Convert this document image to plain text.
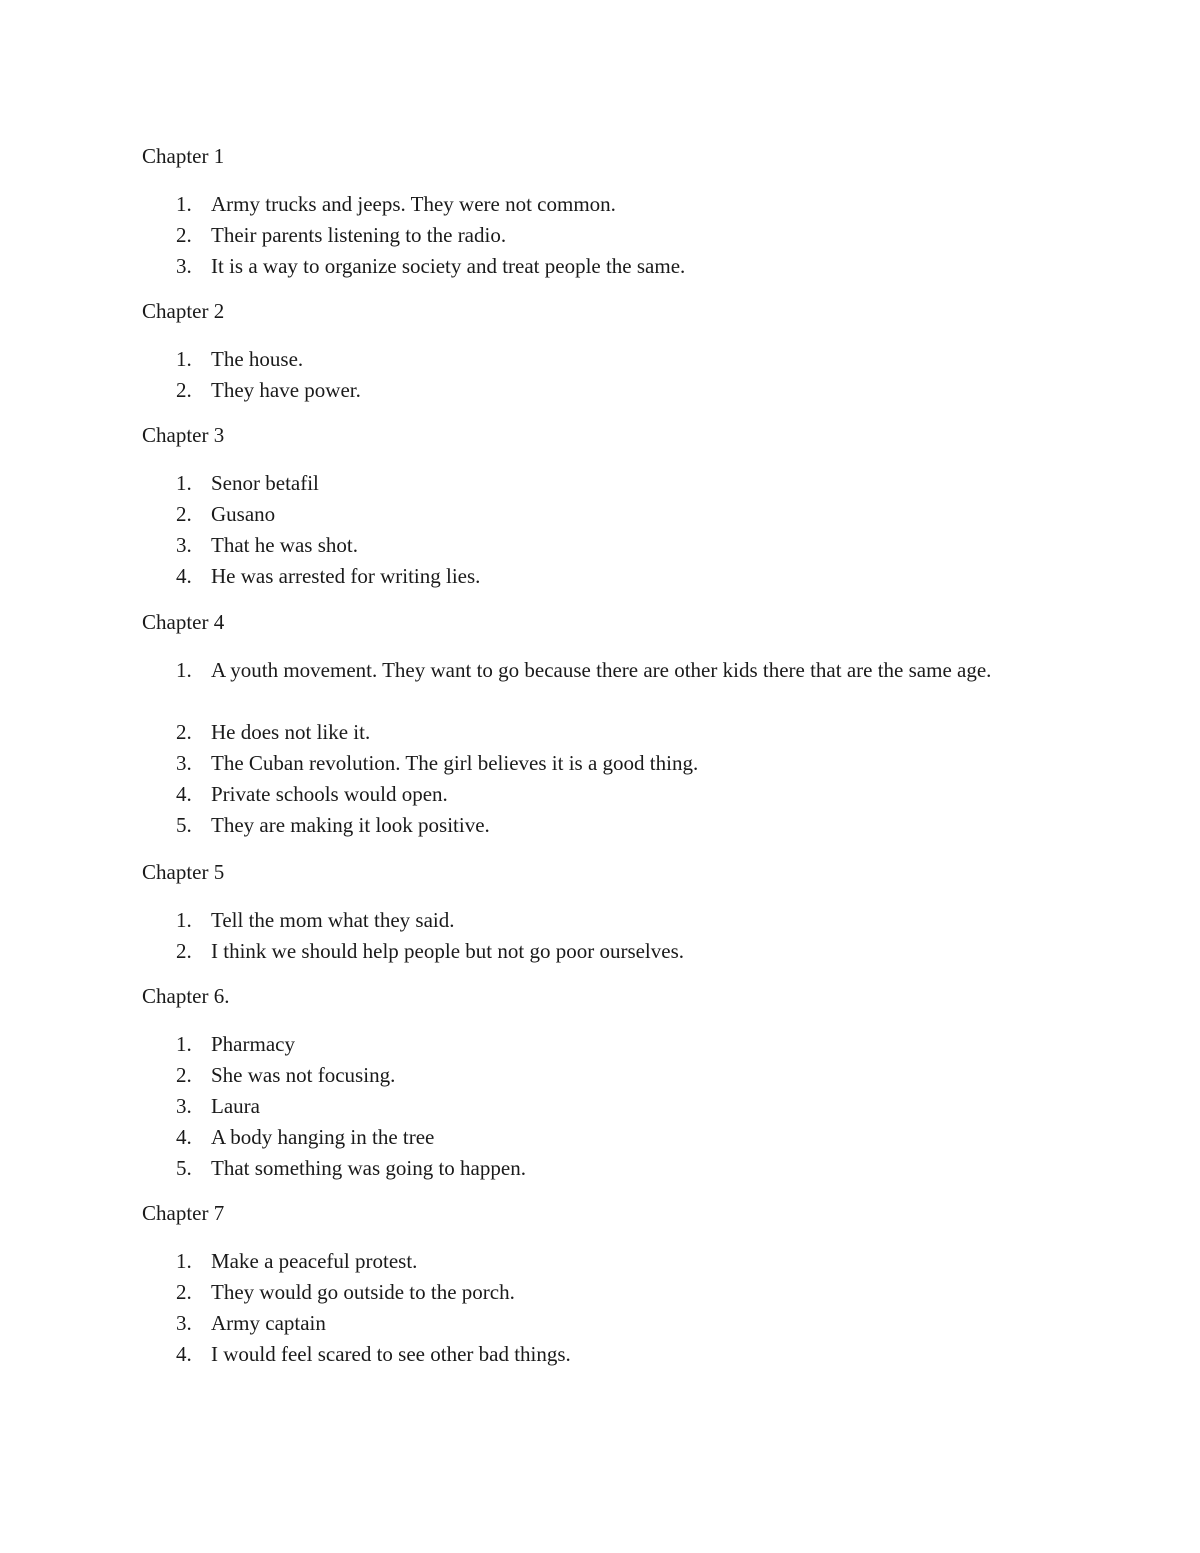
Chapter 1
1. Army trucks and jeeps. They were not common.
2. Their parents listening to the radio.
3. It is a way to organize society and treat people the same.
Chapter 2
1. The house.
2. They have power.
Chapter 3
1. Senor betafil
2. Gusano
3. That he was shot.
4. He was arrested for writing lies.
Chapter 4
1. A youth movement. They want to go because there are other kids there that are the same age.
2. He does not like it.
3. The Cuban revolution. The girl believes it is a good thing.
4. Private schools would open.
5. They are making it look positive.
Chapter 5
1. Tell the mom what they said.
2. I think we should help people but not go poor ourselves.
Chapter 6.
1. Pharmacy
2. She was not focusing.
3. Laura
4. A body hanging in the tree
5. That something was going to happen.
Chapter 7
1. Make a peaceful protest.
2. They would go outside to the porch.
3. Army captain
4. I would feel scared to see other bad things.
